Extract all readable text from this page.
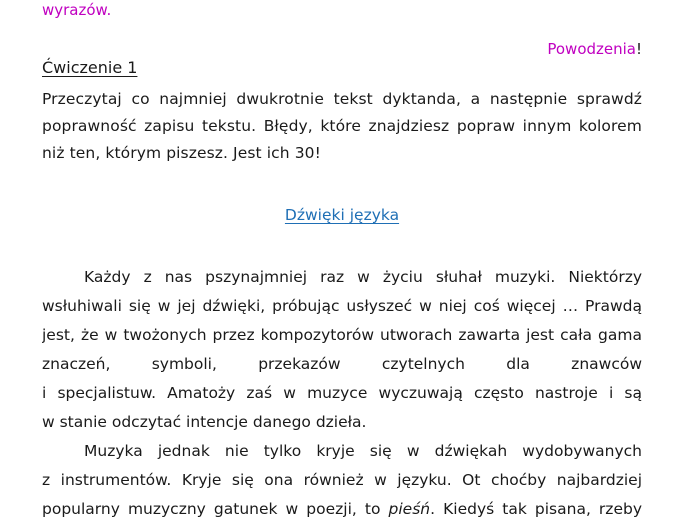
wyrazów.
Powodzenia!
Ćwiczenie 1
Przeczytaj co najmniej dwukrotnie tekst dyktanda, a następnie sprawdź
poprawność zapisu tekstu. Błędy, które znajdziesz popraw innym kolorem
niż ten, którym piszesz. Jest ich 30!
Dźwięki języka
Każdy z nas pszynajmniej raz w życiu słuhał muzyki. Niektórzy
wsłuhiwali się w jej dźwięki, próbując usłyszeć w niej coś więcej … Prawdą
jest, że w twożonych przez kompozytorów utworach zawarta jest cała gama
znaczeń, symboli, przekazów czytelnych dla znawców
i specjalistuw. Amatoży zaś w muzyce wyczuwają często nastroje i są
w stanie odczytać intencje danego dzieła.
Muzyka jednak nie tylko kryje się w dźwiękah wydobywanych
z instrumentów. Kryje się ona również w języku. Ot choćby najbardziej
popularny muzyczny gatunek w poezji, to pieśń. Kiedyś tak pisana, rzeby
